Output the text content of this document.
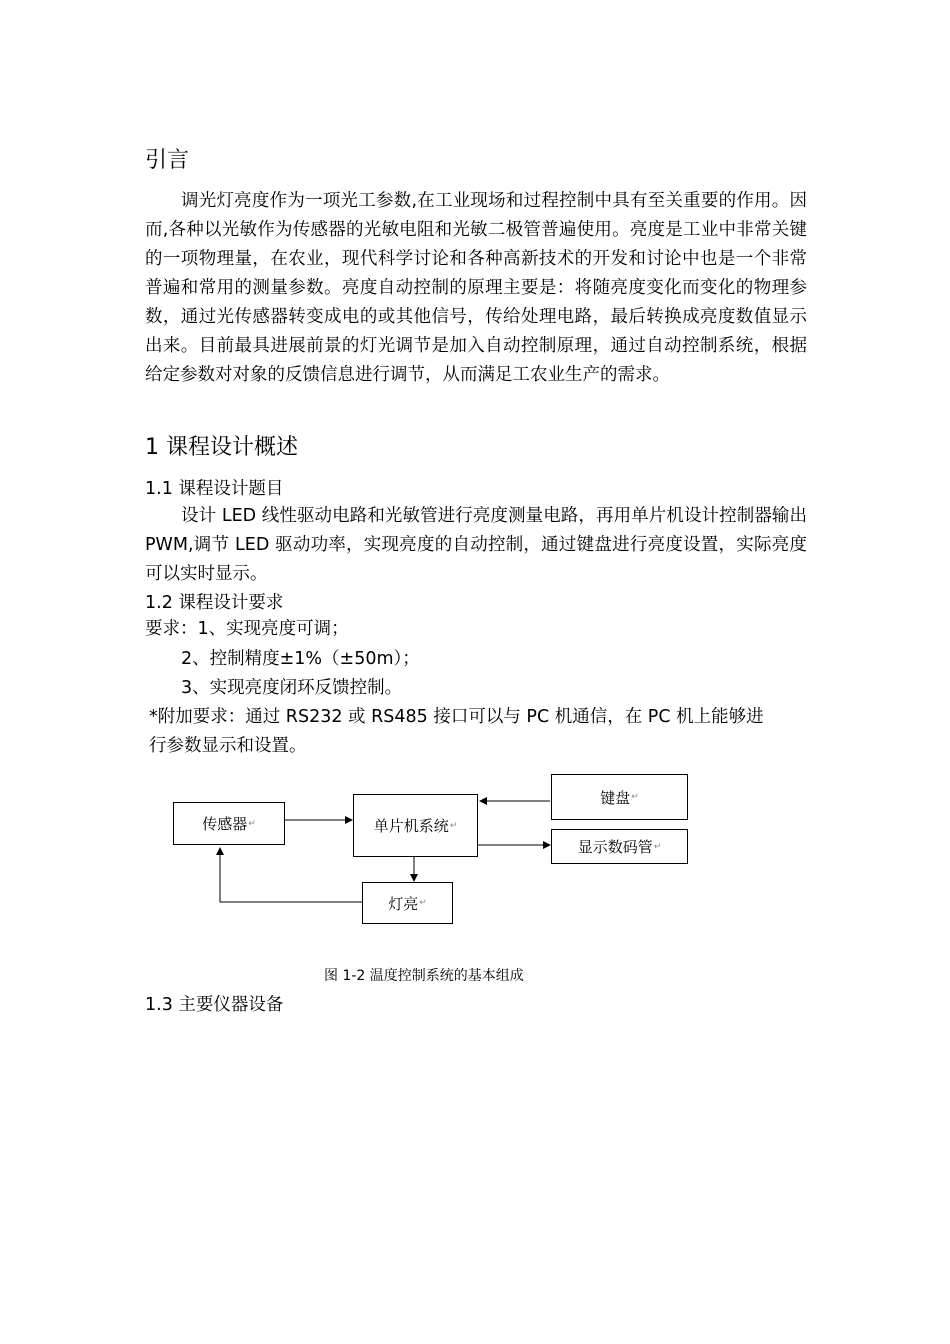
引言
调光灯亮度作为一项光工参数,在工业现场和过程控制中具有至关重要的作用。因而,各种以光敏作为传感器的光敏电阻和光敏二极管普遍使用。亮度是工业中非常关键的一项物理量，在农业，现代科学讨论和各种高新技术的开发和讨论中也是一个非常普遍和常用的测量参数。亮度自动控制的原理主要是：将随亮度变化而变化的物理参数，通过光传感器转变成电的或其他信号，传给处理电路，最后转换成亮度数值显示出来。目前最具进展前景的灯光调节是加入自动控制原理，通过自动控制系统，根据给定参数对对象的反馈信息进行调节，从而满足工农业生产的需求。
1 课程设计概述
1.1 课程设计题目
设计 LED 线性驱动电路和光敏管进行亮度测量电路，再用单片机设计控制器输出 PWM,调节 LED 驱动功率，实现亮度的自动控制，通过键盘进行亮度设置，实际亮度可以实时显示。
1.2 课程设计要求
要求：1、实现亮度可调；
2、控制精度±1%（±50m）；
3、实现亮度闭环反馈控制。
*附加要求：通过 RS232 或 RS485 接口可以与 PC 机通信，在 PC 机上能够进
行参数显示和设置。
传感器 ↵	单片机系统 ↵
键盘 ↵
显示数码管 ↵
灯亮 ↵
图 1-2 温度控制系统的基本组成
1.3 主要仪器设备
